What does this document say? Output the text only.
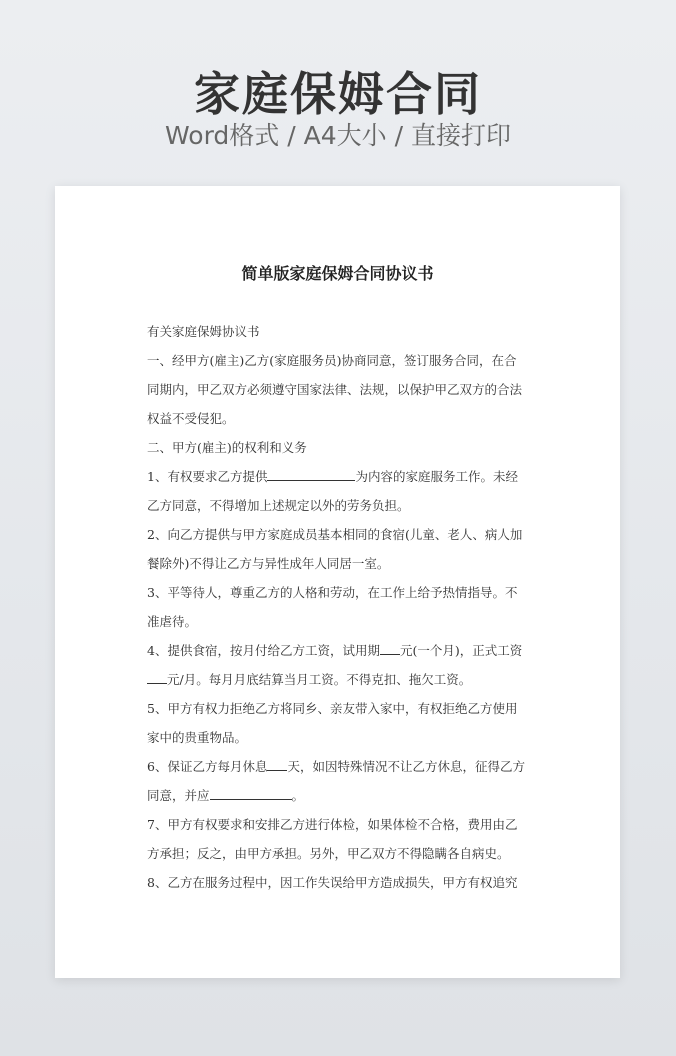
家庭保姆合同
Word格式 / A4大小 / 直接打印
简单版家庭保姆合同协议书
有关家庭保姆协议书
一、经甲方(雇主)乙方(家庭服务员)协商同意，签订服务合同，在合
同期内，甲乙双方必须遵守国家法律、法规，以保护甲乙双方的合法
权益不受侵犯。
二、甲方(雇主)的权利和义务
1、有权要求乙方提供	为内容的家庭服务工作。未经
乙方同意，不得增加上述规定以外的劳务负担。
2、向乙方提供与甲方家庭成员基本相同的食宿(儿童、老人、病人加
餐除外)不得让乙方与异性成年人同居一室。
3、平等待人，尊重乙方的人格和劳动，在工作上给予热情指导。不
准虐待。
4、提供食宿，按月付给乙方工资，试用期 元(一个月)，正式工资
元/月。每月月底结算当月工资。不得克扣、拖欠工资。
5、甲方有权力拒绝乙方将同乡、亲友带入家中，有权拒绝乙方使用
家中的贵重物品。
6、保证乙方每月休息 天，如因特殊情况不让乙方休息，征得乙方
同意，并应	。
7、甲方有权要求和安排乙方进行体检，如果体检不合格，费用由乙
方承担；反之，由甲方承担。另外，甲乙双方不得隐瞒各自病史。
8、乙方在服务过程中，因工作失误给甲方造成损失，甲方有权追究
